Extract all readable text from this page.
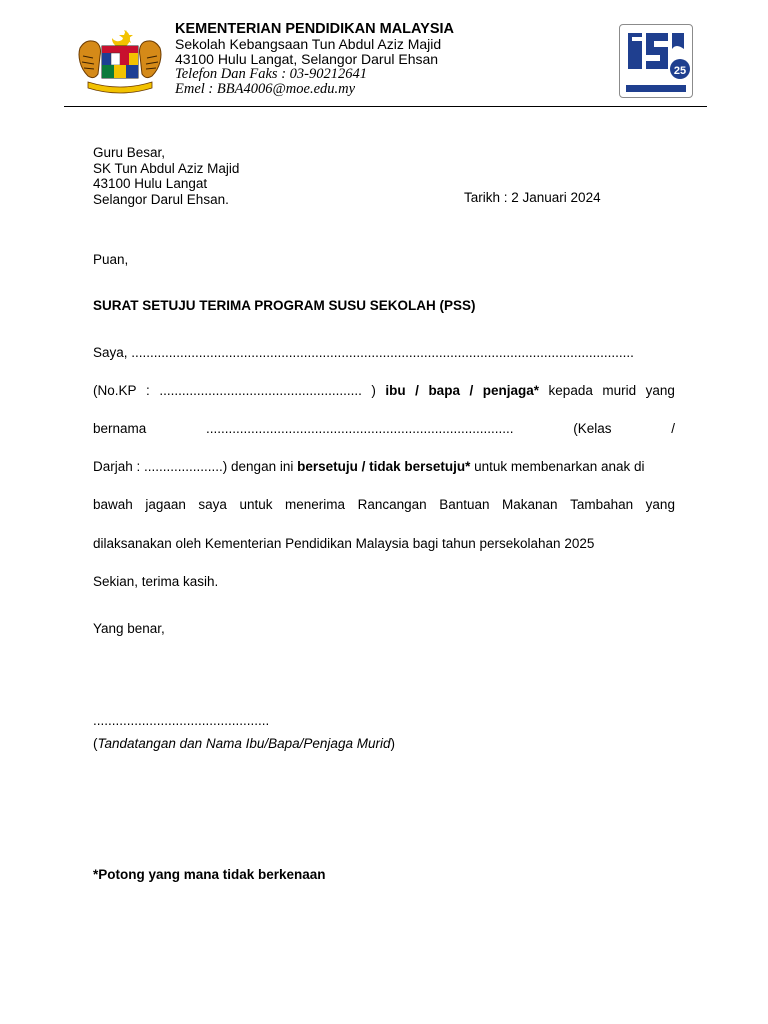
KEMENTERIAN PENDIDIKAN MALAYSIA
Sekolah Kebangsaan Tun Abdul Aziz Majid
43100 Hulu Langat, Selangor Darul Ehsan
Telefon Dan Faks : 03-90212641
Emel : BBA4006@moe.edu.my
25
Guru Besar,
SK Tun Abdul Aziz Majid
43100 Hulu Langat
Selangor Darul Ehsan.	Tarikh : 2 Januari 2024
Puan,
SURAT SETUJU TERIMA PROGRAM SUSU SEKOLAH (PSS)
Saya, ......................................................................................................................................
(No.KP : ...................................................... ) ibu / bapa / penjaga* kepada murid yang
bernama	..................................................................................	(Kelas	/
Darjah : .....................) dengan ini bersetuju / tidak bersetuju* untuk membenarkan anak di
bawah jagaan saya untuk menerima Rancangan Bantuan Makanan Tambahan yang
dilaksanakan oleh Kementerian Pendidikan Malaysia bagi tahun persekolahan 2025
Sekian, terima kasih.
Yang benar,
...............................................
(Tandatangan dan Nama Ibu/Bapa/Penjaga Murid)
*Potong yang mana tidak berkenaan
